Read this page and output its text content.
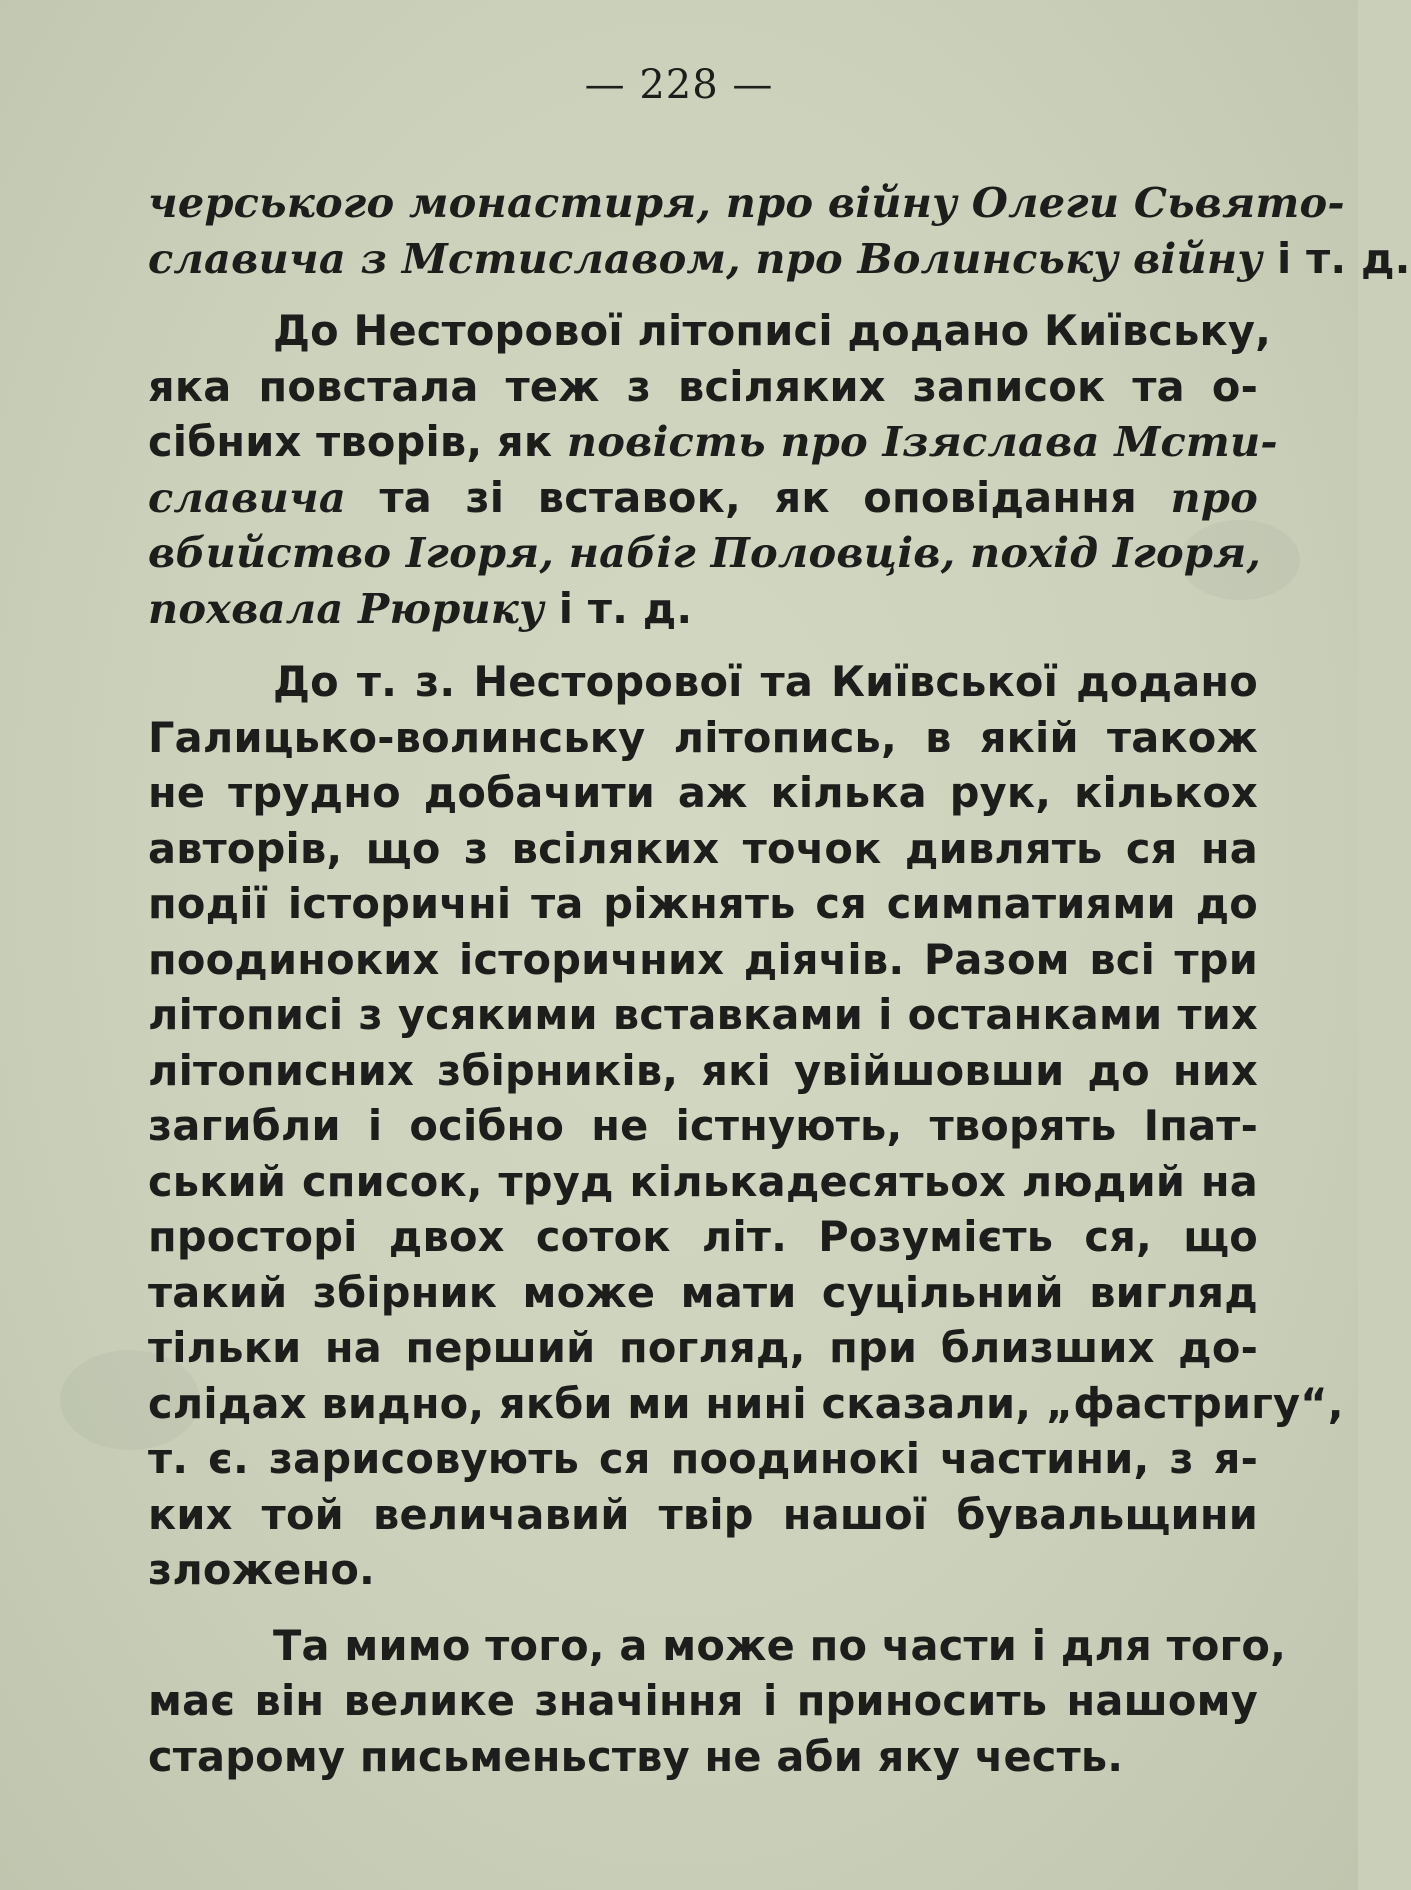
— 228 —
черського монастиря, про війну Олеги Сьвято-
славича з Мстиславом, про Волинську війну і т. д.
До Несторової літописі додано Київську,
яка повстала теж з всіляких записок та о-
сібних творів, як повість про Ізяслава Мсти-
славича та зі вставок, як оповідання про
вбийство Ігоря, набіг Половців, похід Ігоря,
похвала Рюрику і т. д.
До т. з. Несторової та Київської додано
Галицько-волинську літопись, в якій також
не трудно добачити аж кілька рук, кількох
авторів, що з всіляких точок дивлять ся на
події історичні та ріжнять ся симпатиями до
поодиноких історичних діячів. Разом всі три
літописі з усякими вставками і останками тих
літописних збірників, які увійшовши до них
загибли і осібно не істнують, творять Іпат-
ський список, труд кількадесятьох людий на
просторі двох соток літ. Розумієть ся, що
такий збірник може мати суцільний вигляд
тільки на перший погляд, при близших до-
слідах видно, якби ми нині сказали, „фастригу“,
т. є. зарисовують ся поодинокі частини, з я-
ких той величавий твір нашої бувальщини
зложено.
Та мимо того, а може по части і для того,
має він велике значіння і приносить нашому
старому письменьству не аби яку честь.
